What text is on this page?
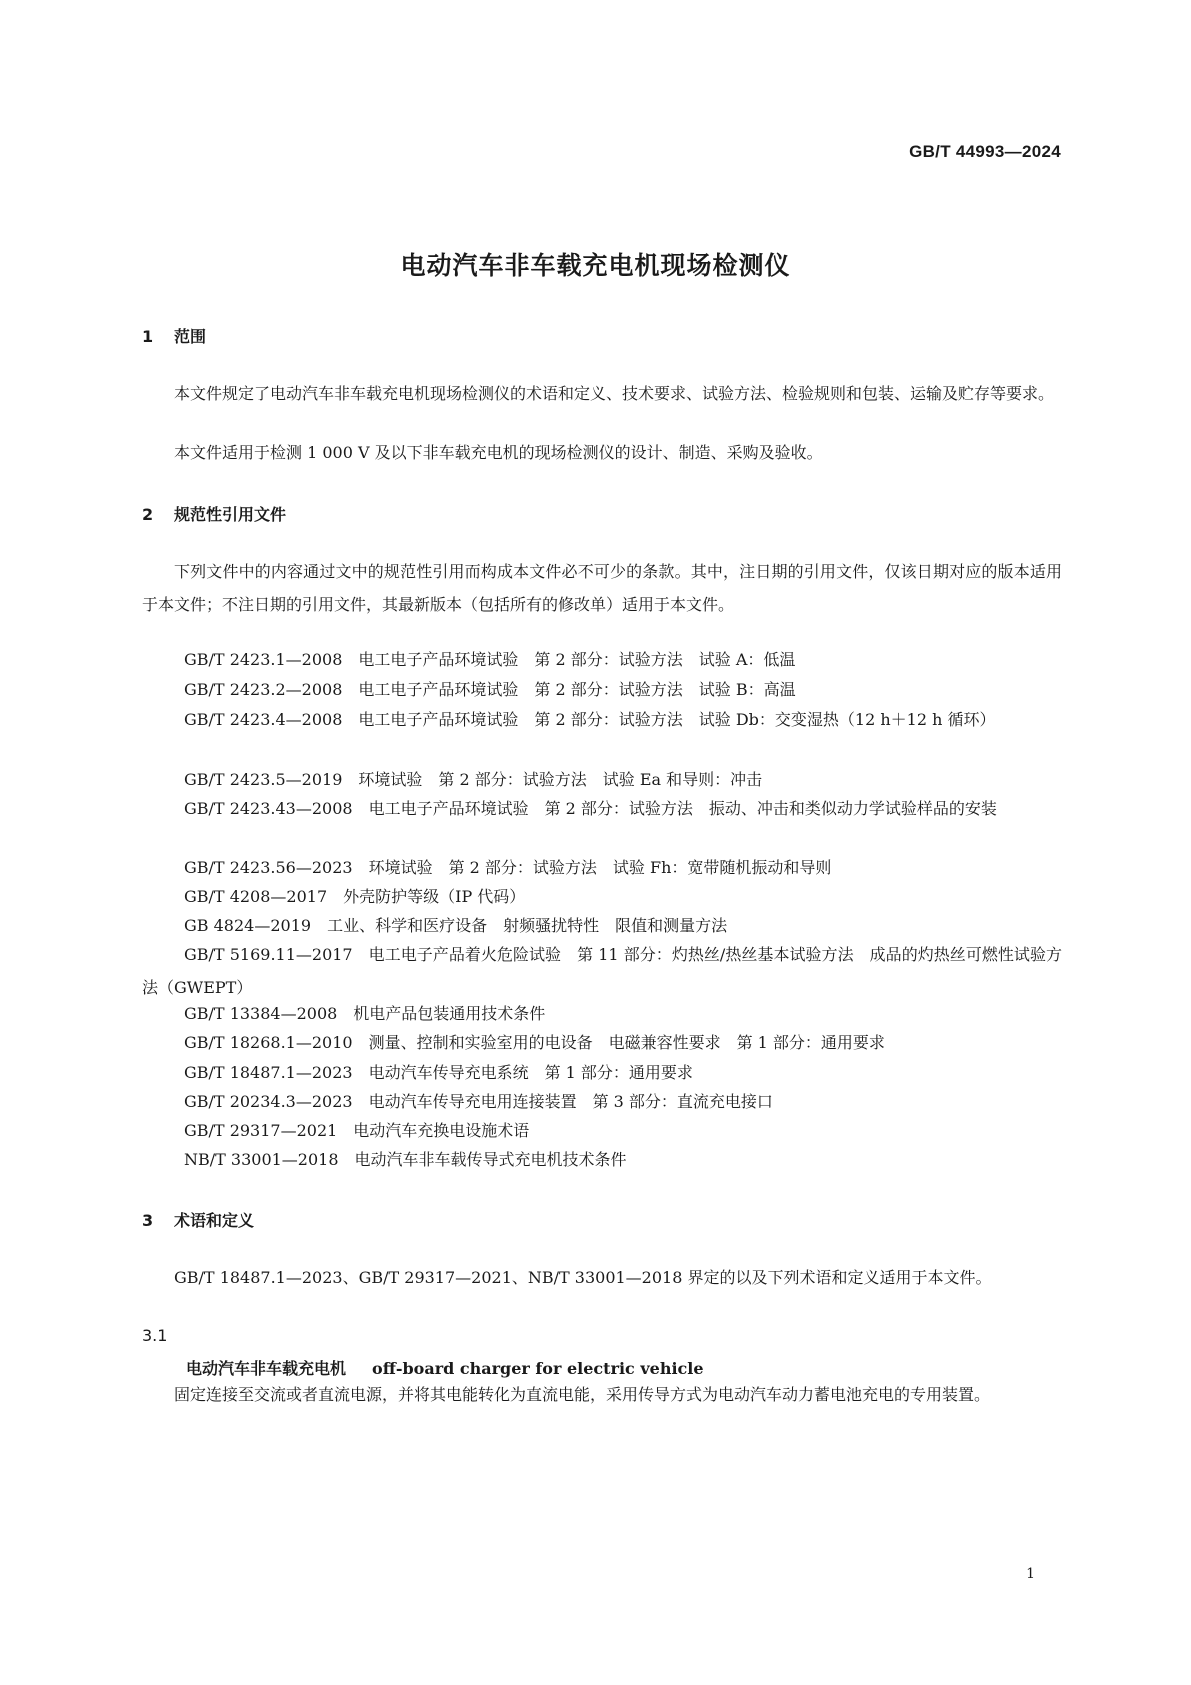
GB/T 44993—2024
电动汽车非车载充电机现场检测仪
1 范围

本文件规定了电动汽车非车载充电机现场检测仪的术语和定义、技术要求、试验方法、检验规则和包装、运输及贮存等要求。

本文件适用于检测 1 000 V 及以下非车载充电机的现场检测仪的设计、制造、采购及验收。

2 规范性引用文件

下列文件中的内容通过文中的规范性引用而构成本文件必不可少的条款。其中，注日期的引用文件，仅该日期对应的版本适用于本文件；不注日期的引用文件，其最新版本（包括所有的修改单）适用于本文件。

GB/T 2423.1—2008　电工电子产品环境试验　第 2 部分：试验方法　试验 A：低温

GB/T 2423.2—2008　电工电子产品环境试验　第 2 部分：试验方法　试验 B：高温

GB/T 2423.4—2008　电工电子产品环境试验　第 2 部分：试验方法　试验 Db：交变湿热（12 h＋12 h 循环）

GB/T 2423.5—2019　环境试验　第 2 部分：试验方法　试验 Ea 和导则：冲击

GB/T 2423.43—2008　电工电子产品环境试验　第 2 部分：试验方法　振动、冲击和类似动力学试验样品的安装

GB/T 2423.56—2023　环境试验　第 2 部分：试验方法　试验 Fh：宽带随机振动和导则

GB/T 4208—2017　外壳防护等级（IP 代码）

GB 4824—2019　工业、科学和医疗设备　射频骚扰特性　限值和测量方法

GB/T 5169.11—2017　电工电子产品着火危险试验　第 11 部分：灼热丝/热丝基本试验方法　成品的灼热丝可燃性试验方法（GWEPT）

GB/T 13384—2008　机电产品包装通用技术条件

GB/T 18268.1—2010　测量、控制和实验室用的电设备　电磁兼容性要求　第 1 部分：通用要求

GB/T 18487.1—2023　电动汽车传导充电系统　第 1 部分：通用要求

GB/T 20234.3—2023　电动汽车传导充电用连接装置　第 3 部分：直流充电接口

GB/T 29317—2021　电动汽车充换电设施术语

NB/T 33001—2018　电动汽车非车载传导式充电机技术条件

3 术语和定义

GB/T 18487.1—2023、GB/T 29317—2021、NB/T 33001—2018 界定的以及下列术语和定义适用于本文件。

3.1
电动汽车非车载充电机 off-board charger for electric vehicle

固定连接至交流或者直流电源，并将其电能转化为直流电能，采用传导方式为电动汽车动力蓄电池充电的专用装置。

1
